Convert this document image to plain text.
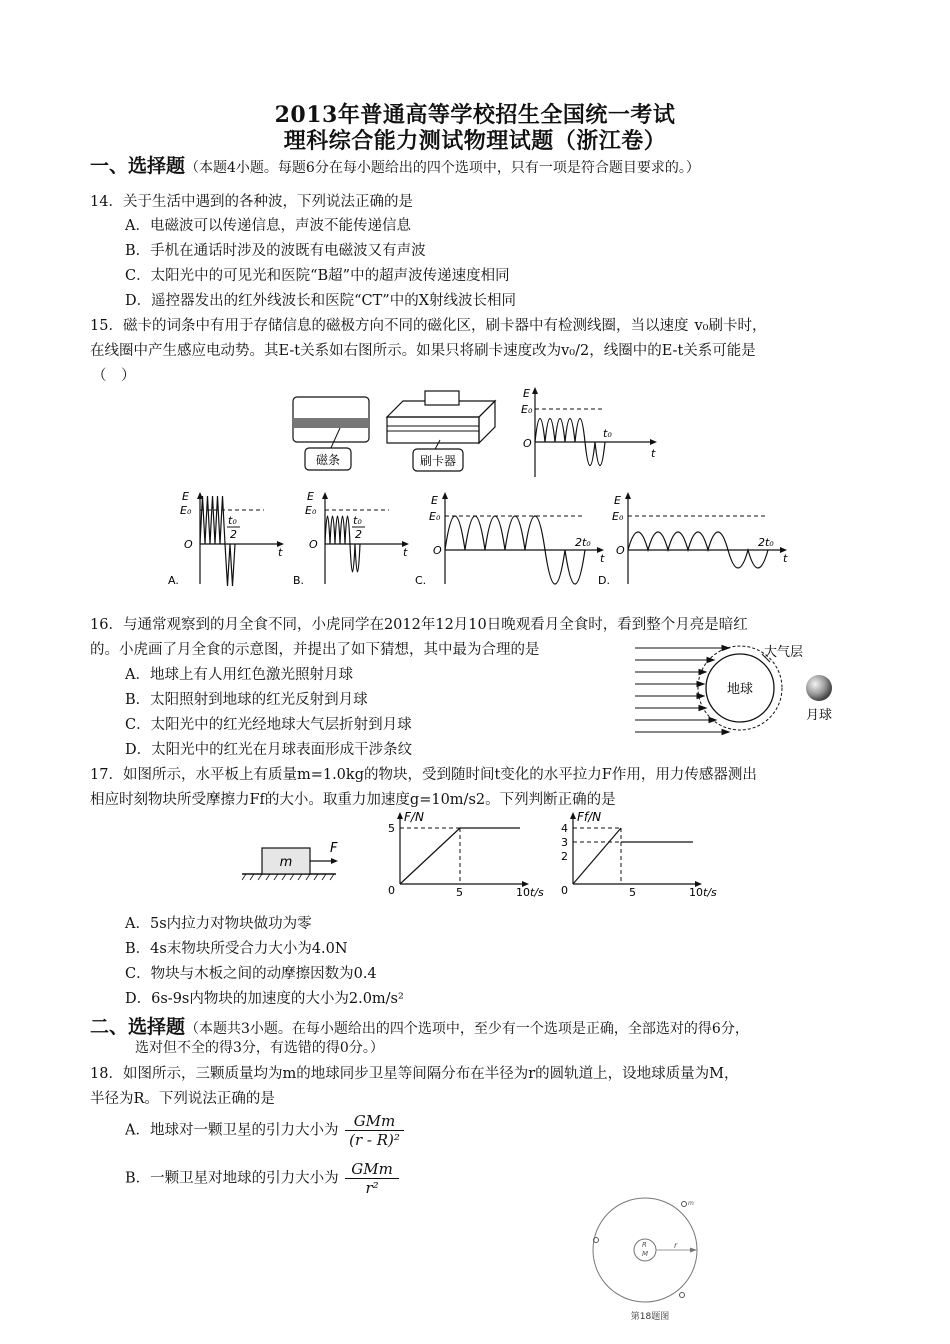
2013年普通高等学校招生全国统一考试
理科综合能力测试物理试题（浙江卷）
一、选择题（本题4小题。每题6分在每小题给出的四个选项中，只有一项是符合题目要求的。）
14．关于生活中遇到的各种波，下列说法正确的是
A．电磁波可以传递信息，声波不能传递信息
B．手机在通话时涉及的波既有电磁波又有声波
C．太阳光中的可见光和医院“B超”中的超声波传递速度相同
D．遥控器发出的红外线波长和医院“CT”中的X射线波长相同
15．磁卡的词条中有用于存储信息的磁极方向不同的磁化区，刷卡器中有检测线圈，当以速度 v₀刷卡时，
在线圈中产生感应电动势。其E-t关系如右图所示。如果只将刷卡速度改为v₀/2，线圈中的E-t关系可能是
（　）
磁条	刷卡器
E
E₀
O
t
t₀
E
E₀
O
t
t₀
2
A.
E
E₀
O
t
t₀
2
B.
E
E₀
O
t
2t₀
C.
E
E₀
O
t
2t₀
D.
16．与通常观察到的月全食不同，小虎同学在2012年12月10日晚观看月全食时，看到整个月亮是暗红
的。小虎画了月全食的示意图，并提出了如下猜想，其中最为合理的是
A．地球上有人用红色激光照射月球
B．太阳照射到地球的红光反射到月球
C．太阳光中的红光经地球大气层折射到月球
D．太阳光中的红光在月球表面形成干涉条纹
地球
大气层
月球
17．如图所示，水平板上有质量m=1.0kg的物块，受到随时间t变化的水平拉力F作用，用力传感器测出
相应时刻物块所受摩擦力Ff的大小。取重力加速度g=10m/s2。下列判断正确的是
m
F
F/N
5
0	5	10 t/s
Ff/N
4
3
2
0	5	10 t/s
A．5s内拉力对物块做功为零
B．4s末物块所受合力大小为4.0N
C．物块与木板之间的动摩擦因数为0.4
D．6s-9s内物块的加速度的大小为2.0m/s²
二、选择题（本题共3小题。在每小题给出的四个选项中，至少有一个选项是正确，全部选对的得6分，
选对但不全的得3分，有选错的得0分。）
18．如图所示，三颗质量均为m的地球同步卫星等间隔分布在半径为r的圆轨道上，设地球质量为M，
半径为R。下列说法正确的是
A．地球对一颗卫星的引力大小为 $\frac{\text{GMm}}{\text{(r - R)²}}$
B．一颗卫星对地球的引力大小为 $\frac{\text{GMm}}{\text{r²}}$
R
M
r
m
第18题图
